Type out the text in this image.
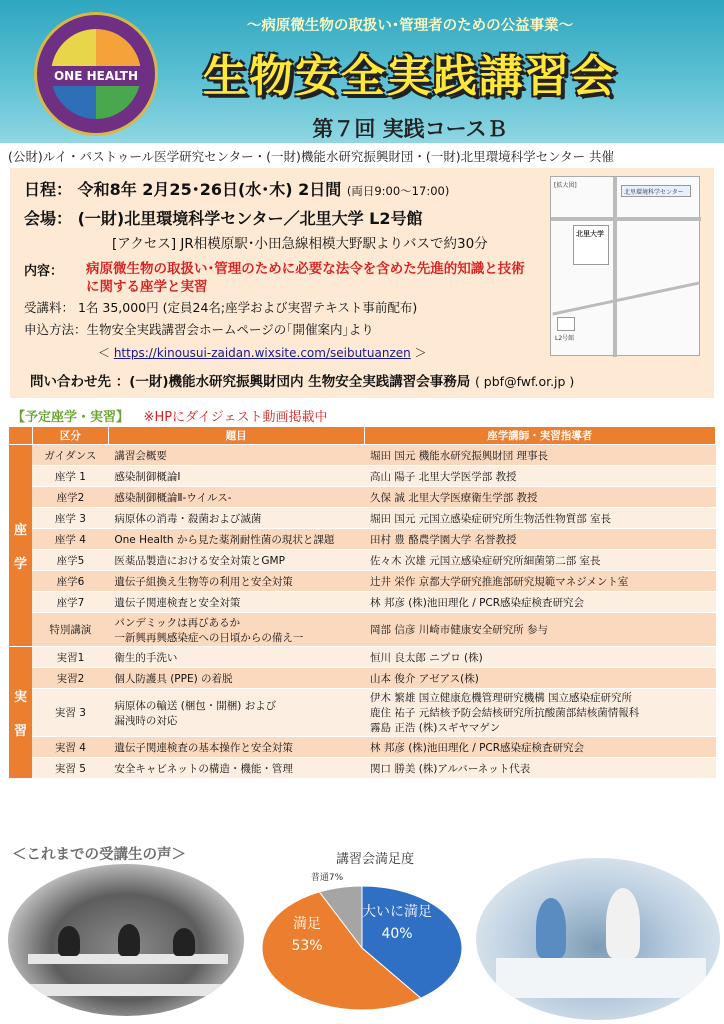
ONE HEALTH
～病原微生物の取扱い･管理者のための公益事業～
生物安全実践講習会
第７回 実践コースＢ
(公財)ルイ・パストゥール医学研究センター・(一財)機能水研究振興財団・(一財)北里環境科学センター 共催
日程： 令和8年 2月25･26日(水･木) 2日間 (両日9:00～17:00)
会場： (一財)北里環境科学センター／北里大学 L2号館
[アクセス] JR相模原駅･小田急線相模大野駅よりバスで約30分
内容： 病原微生物の取扱い･管理のために必要な法令を含めた先進的知識と技術に関する座学と実習
受講料： 1名 35,000円 (定員24名;座学および実習テキスト事前配布)
申込方法：生物安全実践講習会ホームページの｢開催案内｣より
＜ https://kinousui-zaidan.wixsite.com/seibutuanzen ＞
問い合わせ先 ：(一財)機能水研究振興財団内 生物安全実践講習会事務局 ( pbf@fwf.or.jp )
[拡大図]
北里環境科学センター
北里大学
L2号館
【予定座学・実習】 ※HPにダイジェスト動画掲載中
	区分	題目	座学講師・実習指導者
座

学	ガイダンス	講習会概要	堀田 国元 機能水研究振興財団 理事長
	座学 1	感染制御概論Ⅰ	高山 陽子 北里大学医学部 教授
	座学2	感染制御概論Ⅱ-ウイルス-	久保 誠 北里大学医療衛生学部 教授
	座学 3	病原体の消毒・殺菌および滅菌	堀田 国元 元国立感染症研究所生物活性物質部 室長
	座学 4	One Health から見た薬剤耐性菌の現状と課題	田村 豊 酪農学園大学 名誉教授
	座学5	医薬品製造における安全対策とGMP	佐々木 次雄 元国立感染症研究所細菌第二部 室長
	座学6	遺伝子組換え生物等の利用と安全対策	辻井 栄作 京都大学研究推進部研究規範マネジメント室
	座学7	遺伝子関連検査と安全対策	林 邦彦 (株)池田理化 / PCR感染症検査研究会
	特別講演	パンデミックは再びあるか
一新興再興感染症への日頃からの備え一	岡部 信彦 川崎市健康安全研究所 参与
実

習	実習1	衛生的手洗い	恒川 良太郎 ニプロ (株)
	実習2	個人防護具 (PPE) の着脱	山本 俊介 アゼアス(株)
	実習 3	病原体の輸送 (梱包・開梱) および
漏洩時の対応	伊木 繁雄 国立健康危機管理研究機構 国立感染症研究所
鹿住 祐子 元結核予防会結核研究所抗酸菌部結核菌情報科
霧島 正浩 (株)スギヤマゲン
	実習 4	遺伝子関連検査の基本操作と安全対策	林 邦彦 (株)池田理化 / PCR感染症検査研究会
	実習 5	安全キャビネットの構造・機能・管理	関口 勝美 (株)アルバーネット代表
＜これまでの受講生の声＞	講習会満足度
大いに満足
40%
満足
53%
普通7%
